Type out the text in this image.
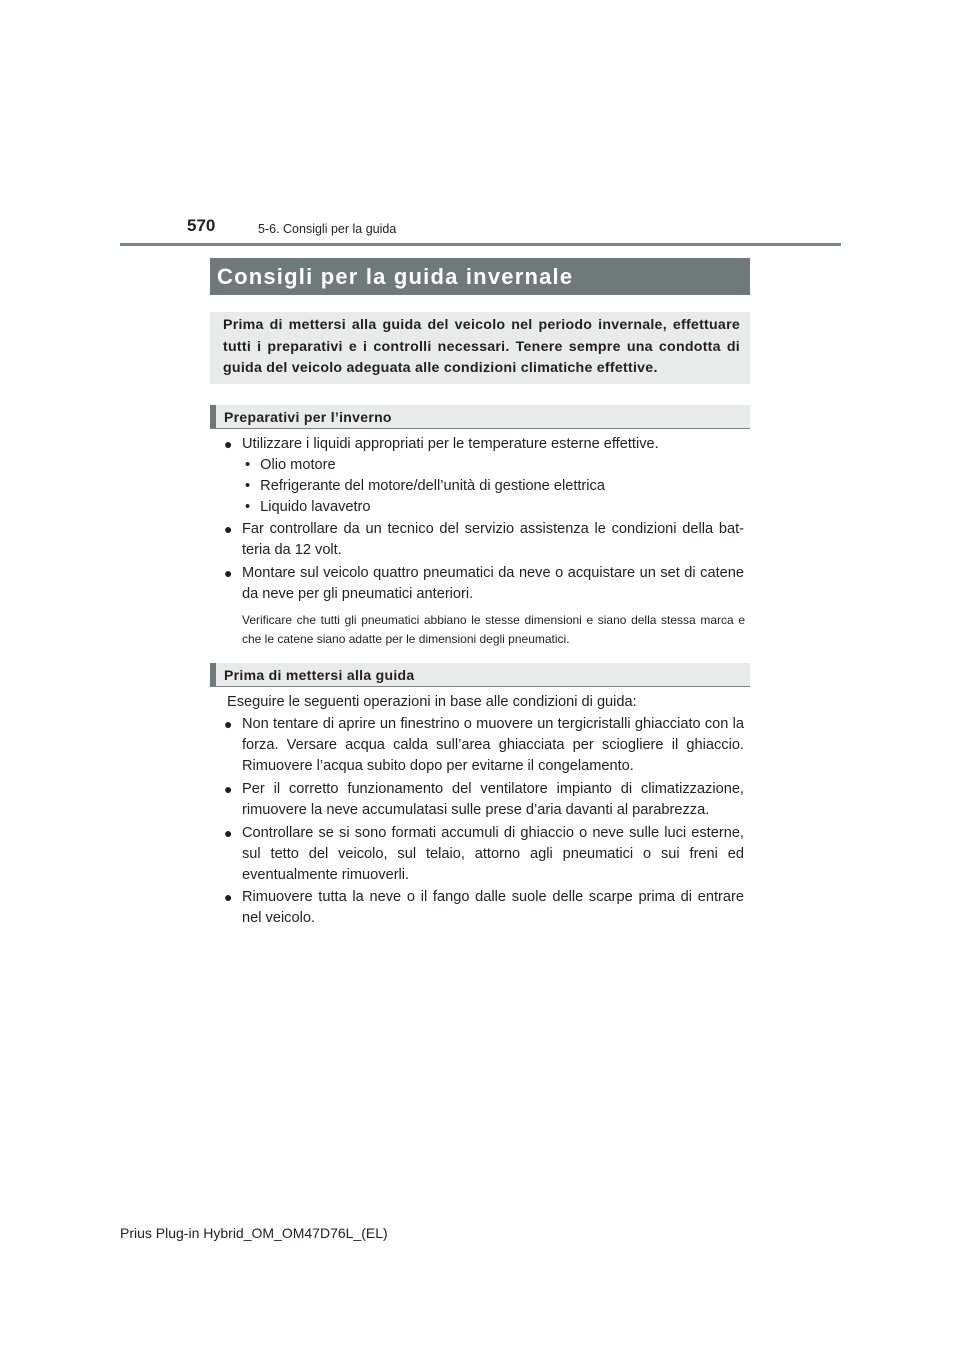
570	5-6. Consigli per la guida
Consigli per la guida invernale
Prima di mettersi alla guida del veicolo nel periodo invernale, effettuare tutti i preparativi e i controlli necessari. Tenere sempre una condotta di guida del veicolo adeguata alle condizioni climatiche effettive.
Preparativi per l’inverno
● Utilizzare i liquidi appropriati per le temperature esterne effettive.
• Olio motore
• Refrigerante del motore/dell’unità di gestione elettrica
• Liquido lavavetro
● Far controllare da un tecnico del servizio assistenza le condizioni della bat-teria da 12 volt.
● Montare sul veicolo quattro pneumatici da neve o acquistare un set di catene da neve per gli pneumatici anteriori.
Verificare che tutti gli pneumatici abbiano le stesse dimensioni e siano della stessa marca e che le catene siano adatte per le dimensioni degli pneumatici.
Prima di mettersi alla guida
Eseguire le seguenti operazioni in base alle condizioni di guida:
● Non tentare di aprire un finestrino o muovere un tergicristalli ghiacciato con la forza. Versare acqua calda sull’area ghiacciata per sciogliere il ghiaccio. Rimuovere l’acqua subito dopo per evitarne il congelamento.
● Per il corretto funzionamento del ventilatore impianto di climatizzazione, rimuovere la neve accumulatasi sulle prese d’aria davanti al parabrezza.
● Controllare se si sono formati accumuli di ghiaccio o neve sulle luci esterne, sul tetto del veicolo, sul telaio, attorno agli pneumatici o sui freni ed eventualmente rimuoverli.
● Rimuovere tutta la neve o il fango dalle suole delle scarpe prima di entrare nel veicolo.
Prius Plug-in Hybrid_OM_OM47D76L_(EL)
